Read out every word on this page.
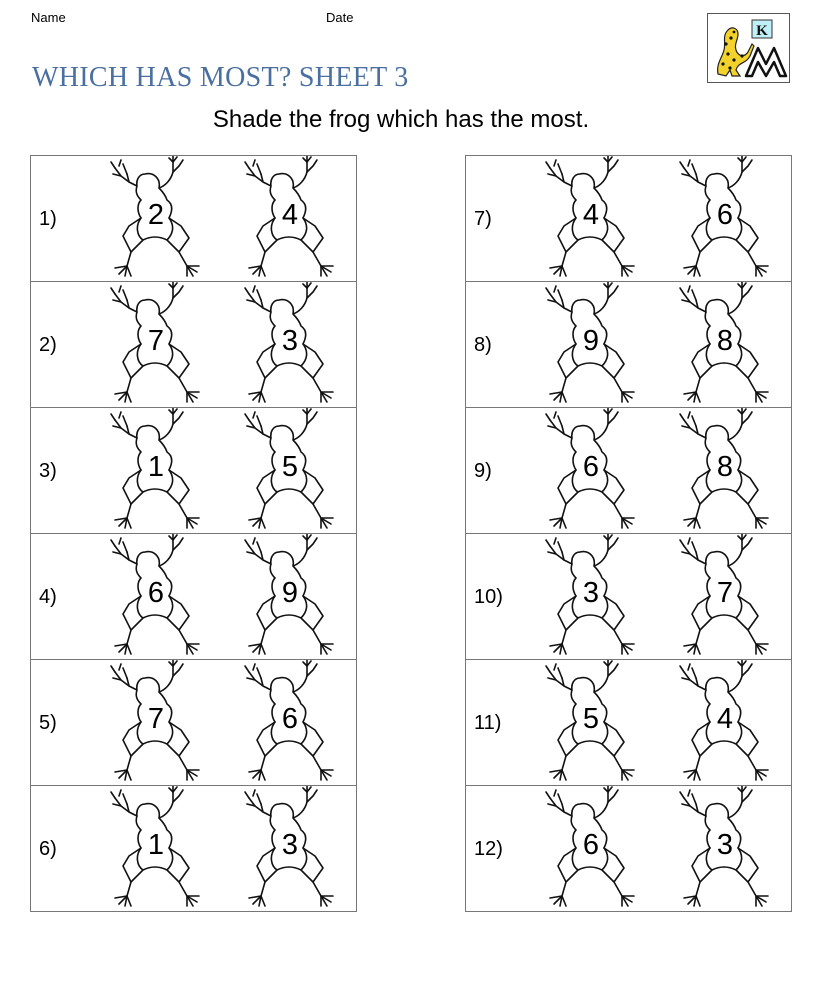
Name	Date
K
WHICH HAS MOST? SHEET 3
Shade the frog which has the most.
1)	2	4
2)	7	3
3)	1	5
4)	6	9
5)	7	6
6)	1	3
7)	4	6
8)	9	8
9)	6	8
10)	3	7
11)	5	4
12)	6	3
